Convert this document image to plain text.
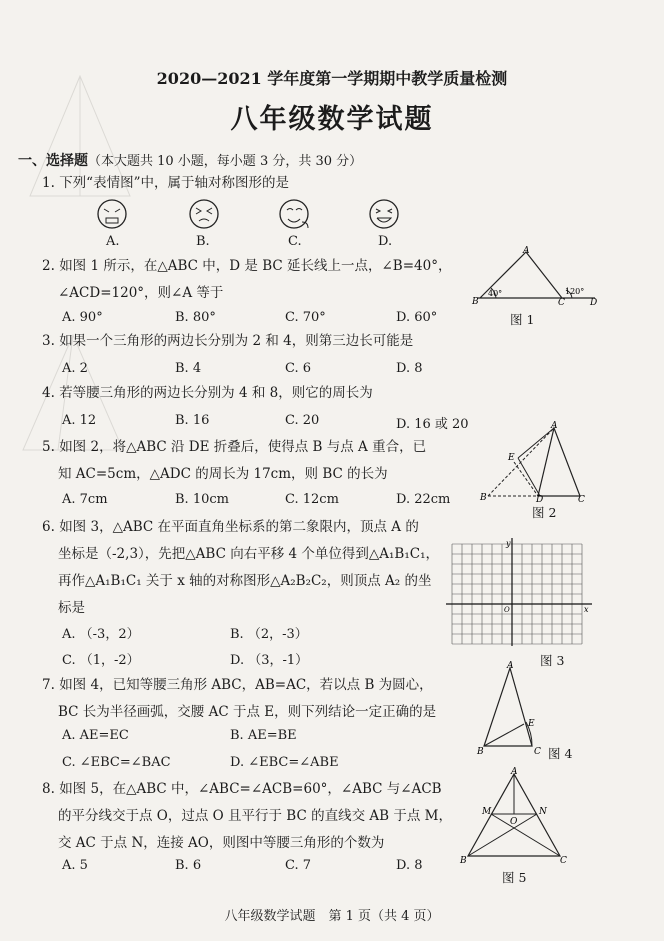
2020—2021 学年度第一学期期中教学质量检测
八年级数学试题
一、选择题（本大题共 10 小题，每小题 3 分，共 30 分）
1. 下列“表情图”中，属于轴对称图形的是
A.	B.	C.	D.
2. 如图 1 所示，在△ABC 中，D 是 BC 延长线上一点，∠B=40°，
∠ACD=120°，则∠A 等于
A. 90°	B. 80°	C. 70°	D. 60°
A
B	C	D
40°	120°
图 1
3. 如果一个三角形的两边长分别为 2 和 4，则第三边长可能是
A. 2	B. 4	C. 6	D. 8
4. 若等腰三角形的两边长分别为 4 和 8，则它的周长为
A. 12	B. 16	C. 20	D. 16 或 20
5. 如图 2，将△ABC 沿 DE 折叠后，使得点 B 与点 A 重合，已
知 AC=5cm，△ADC 的周长为 17cm，则 BC 的长为
A. 7cm	B. 10cm	C. 12cm	D. 22cm
A
B	D	C
E
图 2
6. 如图 3，△ABC 在平面直角坐标系的第二象限内，顶点 A 的
坐标是（-2,3），先把△ABC 向右平移 4 个单位得到△A₁B₁C₁，
再作△A₁B₁C₁ 关于 x 轴的对称图形△A₂B₂C₂，则顶点 A₂ 的坐
标是
A. （-3，2）	B. （2，-3）
C. （1，-2）	D. （3，-1）
y
x
O
图 3
7. 如图 4，已知等腰三角形 ABC，AB=AC，若以点 B 为圆心，
BC 长为半径画弧，交腰 AC 于点 E，则下列结论一定正确的是
A. AE=EC	B. AE=BE
C. ∠EBC=∠BAC	D. ∠EBC=∠ABE
A
B	C
E
图 4
8. 如图 5，在△ABC 中，∠ABC=∠ACB=60°，∠ABC 与∠ACB
的平分线交于点 O，过点 O 且平行于 BC 的直线交 AB 于点 M，
交 AC 于点 N，连接 AO，则图中等腰三角形的个数为
A. 5	B. 6	C. 7	D. 8
A
B	C
M	N
O
图 5
八年级数学试题　第 1 页（共 4 页）
